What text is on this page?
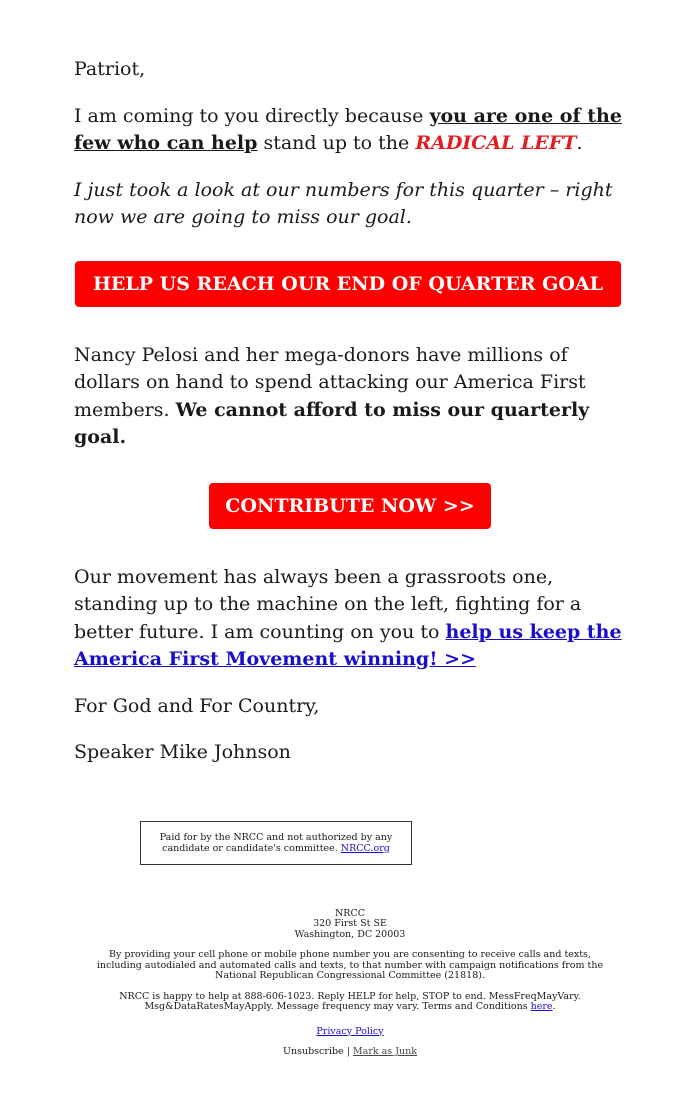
Patriot,

I am coming to you directly because you are one of the few who can help stand up to the RADICAL LEFT.

I just took a look at our numbers for this quarter – right now we are going to miss our goal.

HELP US REACH OUR END OF QUARTER GOAL

Nancy Pelosi and her mega-donors have millions of dollars on hand to spend attacking our America First members. We cannot afford to miss our quarterly goal.

CONTRIBUTE NOW >>

Our movement has always been a grassroots one, standing up to the machine on the left, fighting for a better future. I am counting on you to help us keep the America First Movement winning! >>

For God and For Country,

Speaker Mike Johnson

Paid for by the NRCC and not authorized by any candidate or candidate's committee. NRCC.org
NRCC
320 First St SE
Washington, DC 20003
By providing your cell phone or mobile phone number you are consenting to receive calls and texts, including autodialed and automated calls and texts, to that number with campaign notifications from the National Republican Congressional Committee (21818).
NRCC is happy to help at 888-606-1023. Reply HELP for help, STOP to end. MessFreqMayVary. Msg&DataRatesMayApply. Message frequency may vary. Terms and Conditions here.
Privacy Policy
Unsubscribe | Mark as Junk
